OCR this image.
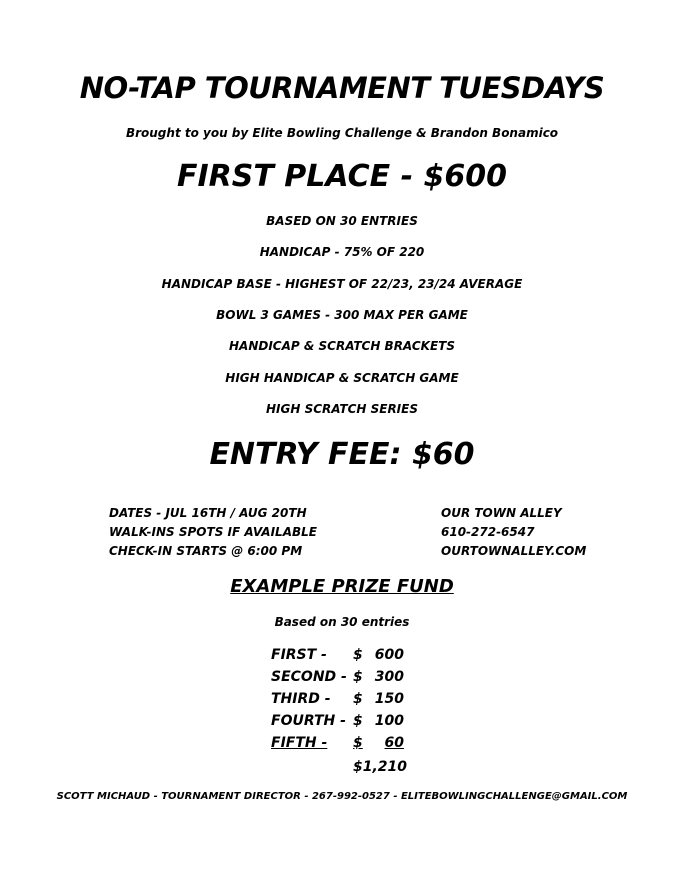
NO-TAP TOURNAMENT TUESDAYS
Brought to you by Elite Bowling Challenge & Brandon Bonamico
FIRST PLACE - $600
BASED ON 30 ENTRIES
HANDICAP - 75% OF 220
HANDICAP BASE - HIGHEST OF 22/23, 23/24 AVERAGE
BOWL 3 GAMES - 300 MAX PER GAME
HANDICAP & SCRATCH BRACKETS
HIGH HANDICAP & SCRATCH GAME
HIGH SCRATCH SERIES
ENTRY FEE: $60
DATES - JUL 16TH / AUG 20TH
WALK-INS SPOTS IF AVAILABLE
CHECK-IN STARTS @ 6:00 PM
OUR TOWN ALLEY
610-272-6547
OURTOWNALLEY.COM
EXAMPLE PRIZE FUND
Based on 30 entries
FIRST - $ 600
SECOND - $ 300
THIRD - $ 150
FOURTH - $ 100
FIFTH - $ 60
$1,210
SCOTT MICHAUD - TOURNAMENT DIRECTOR - 267-992-0527 - ELITEBOWLINGCHALLENGE@GMAIL.COM
